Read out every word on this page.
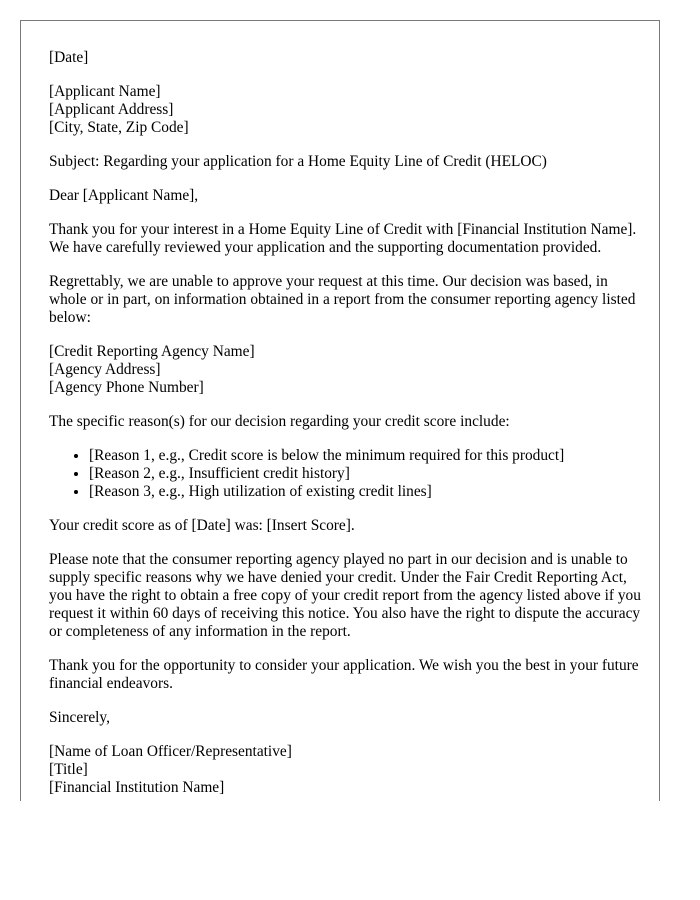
[Date]

[Applicant Name]
[Applicant Address]
[City, State, Zip Code]

Subject: Regarding your application for a Home Equity Line of Credit (HELOC)

Dear [Applicant Name],

Thank you for your interest in a Home Equity Line of Credit with [Financial Institution Name]. We have carefully reviewed your application and the supporting documentation provided.

Regrettably, we are unable to approve your request at this time. Our decision was based, in whole or in part, on information obtained in a report from the consumer reporting agency listed below:

[Credit Reporting Agency Name]
[Agency Address]
[Agency Phone Number]

The specific reason(s) for our decision regarding your credit score include:

• [Reason 1, e.g., Credit score is below the minimum required for this product]
• [Reason 2, e.g., Insufficient credit history]
• [Reason 3, e.g., High utilization of existing credit lines]

Your credit score as of [Date] was: [Insert Score].

Please note that the consumer reporting agency played no part in our decision and is unable to supply specific reasons why we have denied your credit. Under the Fair Credit Reporting Act, you have the right to obtain a free copy of your credit report from the agency listed above if you request it within 60 days of receiving this notice. You also have the right to dispute the accuracy or completeness of any information in the report.

Thank you for the opportunity to consider your application. We wish you the best in your future financial endeavors.

Sincerely,

[Name of Loan Officer/Representative]
[Title]
[Financial Institution Name]
